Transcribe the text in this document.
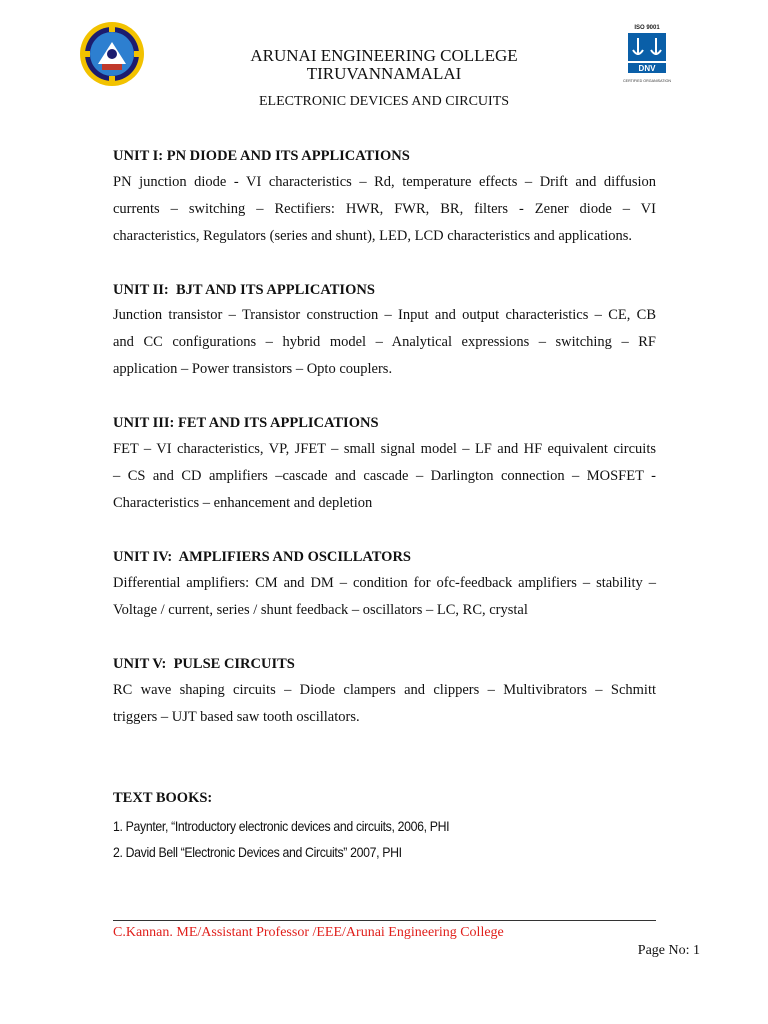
ISO 9001
DNV
CERTIFIED ORGANISATION
ARUNAI ENGINEERING COLLEGE
TIRUVANNAMALAI
ELECTRONIC DEVICES AND CIRCUITS
UNIT I: PN DIODE AND ITS APPLICATIONS
PN junction diode - VI characteristics – Rd, temperature effects – Drift and diffusion
currents – switching – Rectifiers: HWR, FWR, BR, filters - Zener diode – VI
characteristics, Regulators (series and shunt), LED, LCD characteristics and applications.
UNIT II:  BJT AND ITS APPLICATIONS
Junction transistor – Transistor construction – Input and output characteristics – CE, CB
and CC configurations – hybrid model – Analytical expressions – switching – RF
application – Power transistors – Opto couplers.
UNIT III: FET AND ITS APPLICATIONS
FET – VI characteristics, VP, JFET – small signal model – LF and HF equivalent circuits
– CS and CD amplifiers –cascade and cascade – Darlington connection – MOSFET -
Characteristics – enhancement and depletion
UNIT IV:  AMPLIFIERS AND OSCILLATORS
Differential amplifiers: CM and DM – condition for ofc-feedback amplifiers – stability –
Voltage / current, series / shunt feedback – oscillators – LC, RC, crystal
UNIT V:  PULSE CIRCUITS
RC wave shaping circuits – Diode clampers and clippers – Multivibrators – Schmitt
triggers – UJT based saw tooth oscillators.
TEXT BOOKS:
1. Paynter, “Introductory electronic devices and circuits, 2006, PHI
2. David Bell “Electronic Devices and Circuits” 2007, PHI
C.Kannan. ME/Assistant Professor /EEE/Arunai Engineering College
Page No: 1
